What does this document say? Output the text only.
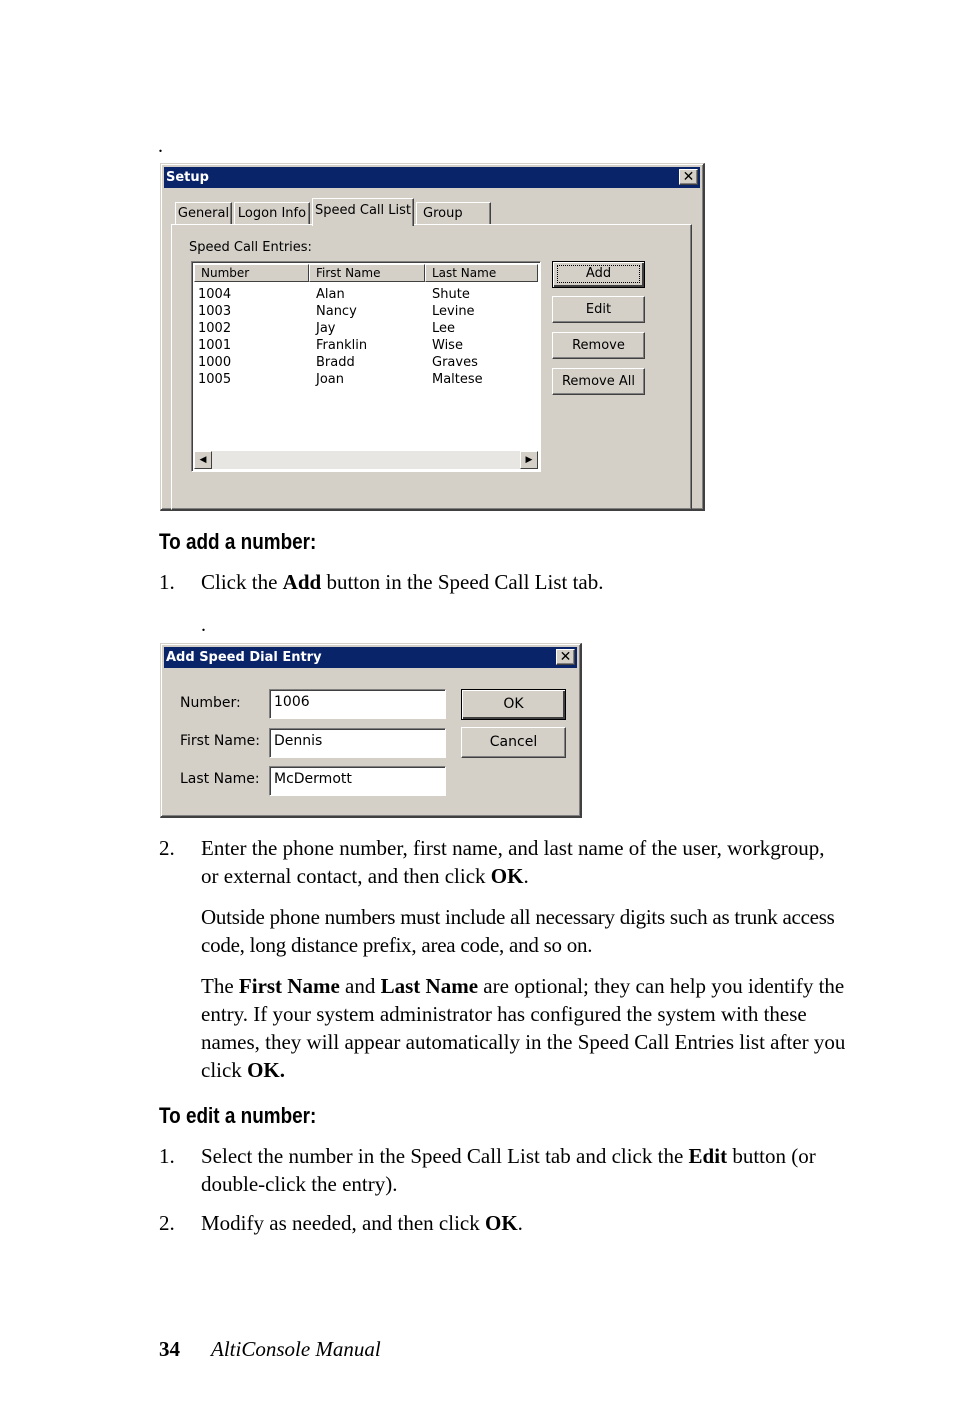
.
.
Setup	✕
General Logon Info Speed Call List Group
Speed Call Entries:
Number	First Name	Last Name
1004	Alan	Shute
1003	Nancy	Levine
1002	Jay	Lee
1001	Franklin	Wise
1000	Bradd	Graves
1005	Joan	Maltese
◀	▶
Add
Edit
Remove
Remove All
To add a number:
1. Click the Add button in the Speed Call List tab.

Add Speed Dial Entry	✕
Number:	1006
First Name:	Dennis
Last Name:	McDermott
OK
Cancel
2. Enter the phone number, first name, and last name of the user, workgroup, or external contact, and then click OK.

Outside phone numbers must include all necessary digits such as trunk access code, long distance prefix, area code, and so on.

The First Name and Last Name are optional; they can help you identify the entry. If your system administrator has configured the system with these names, they will appear automatically in the Speed Call Entries list after you click OK.

To edit a number:
1. Select the number in the Speed Call List tab and click the Edit button (or double-click the entry).

2. Modify as needed, and then click OK.

34 AltiConsole Manual
